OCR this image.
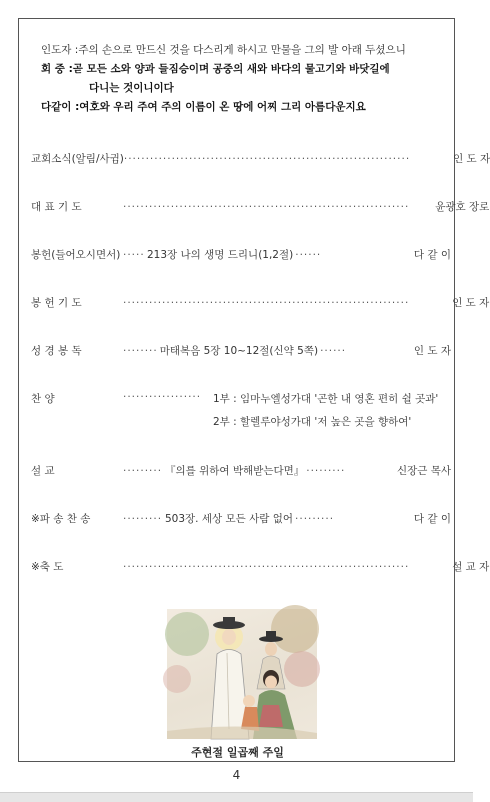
인도자 : 주의 손으로 만드신 것을 다스리게 하시고 만물을 그의 발 아래 두셨으니
회 중 : 곧 모든 소와 양과 들짐승이며 공중의 새와 바다의 물고기와 바닷길에
다니는 것이니이다
다같이 : 여호와 우리 주여 주의 이름이 온 땅에 어찌 그리 아름다운지요
교회소식(알림/사귐) ··································································	인 도 자
대 표 기 도	··································································	윤광호 장로
봉헌(들어오시면서) ····· 213장 나의 생명 드리니(1,2절) ······	다 같 이
봉 헌 기 도	··································································	인 도 자
성 경 봉 독	········ 마태복음 5장 10~12절(신약 5쪽) ······	인 도 자
찬 양	··················	1부 : 임마누엘성가대 '곤한 내 영혼 편히 쉴 곳과'
2부 : 할렐루야성가대 '저 높은 곳을 향하여'
설 교	········· 『의를 위하여 박해받는다면』 ·········	신장근 목사
※파 송 찬 송	········· 503장. 세상 모든 사람 없어 ·········	다 같 이
※축 도	··································································	설 교 자
주현절 일곱째 주일
4
